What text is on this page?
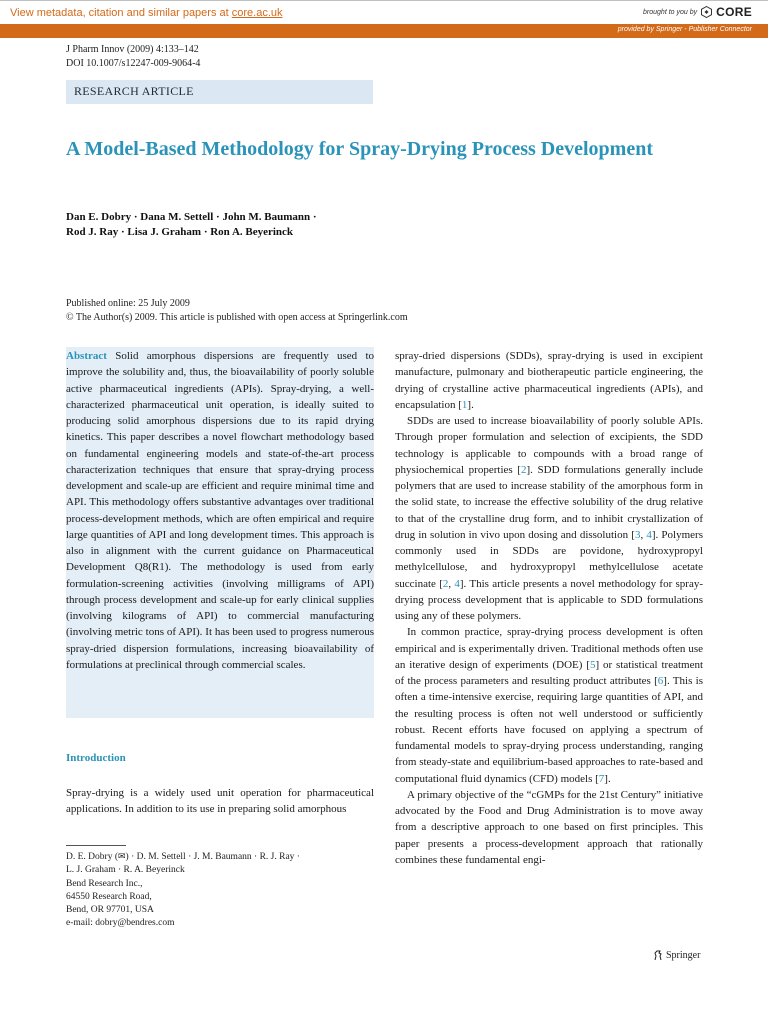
View metadata, citation and similar papers at core.ac.uk	brought to you by CORE
provided by Springer - Publisher Connector
J Pharm Innov (2009) 4:133–142
DOI 10.1007/s12247-009-9064-4
RESEARCH ARTICLE
A Model-Based Methodology for Spray-Drying Process Development
Dan E. Dobry · Dana M. Settell · John M. Baumann ·
Rod J. Ray · Lisa J. Graham · Ron A. Beyerinck
Published online: 25 July 2009
© The Author(s) 2009. This article is published with open access at Springerlink.com

Abstract Solid amorphous dispersions are frequently used to improve the solubility and, thus, the bioavailability of poorly soluble active pharmaceutical ingredients (APIs). Spray-drying, a well-characterized pharmaceutical unit operation, is ideally suited to producing solid amorphous dispersions due to its rapid drying kinetics. This paper describes a novel flowchart methodology based on fundamental engineering models and state-of-the-art process characterization techniques that ensure that spray-drying process development and scale-up are efficient and require minimal time and API. This methodology offers substantive advantages over traditional process-development methods, which are often empirical and require large quantities of API and long development times. This approach is also in alignment with the current guidance on Pharmaceutical Development Q8(R1). The methodology is used from early formulation-screening activities (involving milligrams of API) through process development and scale-up for early clinical supplies (involving kilograms of API) to commercial manufacturing (involving metric tons of API). It has been used to progress numerous spray-dried dispersion formulations, increasing bioavailability of formulations at preclinical through commercial scales.

Introduction

Spray-drying is a widely used unit operation for pharmaceutical applications. In addition to its use in preparing solid amorphous

D. E. Dobry (✉) · D. M. Settell · J. M. Baumann · R. J. Ray ·
L. J. Graham · R. A. Beyerinck
Bend Research Inc.,
64550 Research Road,
Bend, OR 97701, USA
e-mail: dobry@bendres.com

spray-dried dispersions (SDDs), spray-drying is used in excipient manufacture, pulmonary and biotherapeutic particle engineering, the drying of crystalline active pharmaceutical ingredients (APIs), and encapsulation [1].

SDDs are used to increase bioavailability of poorly soluble APIs. Through proper formulation and selection of excipients, the SDD technology is applicable to compounds with a broad range of physiochemical properties [2]. SDD formulations generally include polymers that are used to increase stability of the amorphous form in the solid state, to increase the effective solubility of the drug relative to that of the crystalline drug form, and to inhibit crystallization of drug in solution in vivo upon dosing and dissolution [3, 4]. Polymers commonly used in SDDs are povidone, hydroxypropyl methylcellulose, and hydroxypropyl methylcellulose acetate succinate [2, 4]. This article presents a novel methodology for spray-drying process development that is applicable to SDD formulations using any of these polymers.

In common practice, spray-drying process development is often empirical and is experimentally driven. Traditional methods often use an iterative design of experiments (DOE) [5] or statistical treatment of the process parameters and resulting product attributes [6]. This is often a time-intensive exercise, requiring large quantities of API, and the resulting process is often not well understood or sufficiently robust. Recent efforts have focused on applying a spectrum of fundamental models to spray-drying process understanding, ranging from steady-state and equilibrium-based approaches to rate-based and computational fluid dynamics (CFD) models [7].

A primary objective of the “cGMPs for the 21st Century” initiative advocated by the Food and Drug Administration is to move away from a descriptive approach to one based on first principles. This paper presents a process-development approach that rationally combines these fundamental engi-

Springer
